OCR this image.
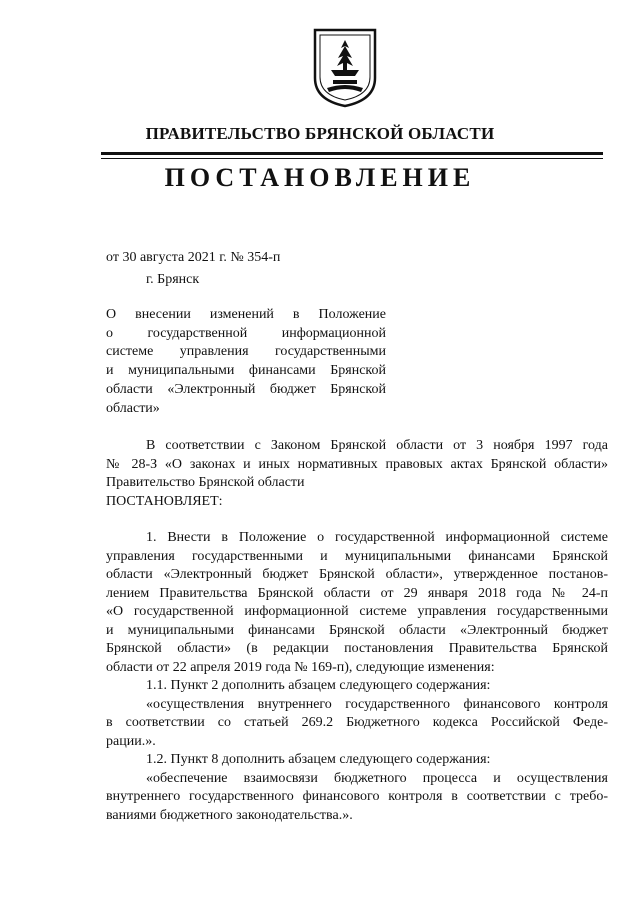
ПРАВИТЕЛЬСТВО БРЯНСКОЙ ОБЛАСТИ
ПОСТАНОВЛЕНИЕ
от 30 августа 2021 г. № 354-п
г. Брянск
О внесении изменений в Положение
о государственной информационной
системе управления государственными
и муниципальными финансами Брянской
области «Электронный бюджет Брянской
области»
В соответствии с Законом Брянской области от 3 ноября 1997 года
№ 28-З «О законах и иных нормативных правовых актах Брянской области»
Правительство Брянской области
ПОСТАНОВЛЯЕТ:
1. Внести в Положение о государственной информационной системе
управления государственными и муниципальными финансами Брянской
области «Электронный бюджет Брянской области», утвержденное постанов-
лением Правительства Брянской области от 29 января 2018 года № 24-п
«О государственной информационной системе управления государственными
и муниципальными финансами Брянской области «Электронный бюджет
Брянской области» (в редакции постановления Правительства Брянской
области от 22 апреля 2019 года № 169-п), следующие изменения:
1.1. Пункт 2 дополнить абзацем следующего содержания:
«осуществления внутреннего государственного финансового контроля
в соответствии со статьей 269.2 Бюджетного кодекса Российской Феде-
рации.».
1.2. Пункт 8 дополнить абзацем следующего содержания:
«обеспечение взаимосвязи бюджетного процесса и осуществления
внутреннего государственного финансового контроля в соответствии с требо-
ваниями бюджетного законодательства.».
